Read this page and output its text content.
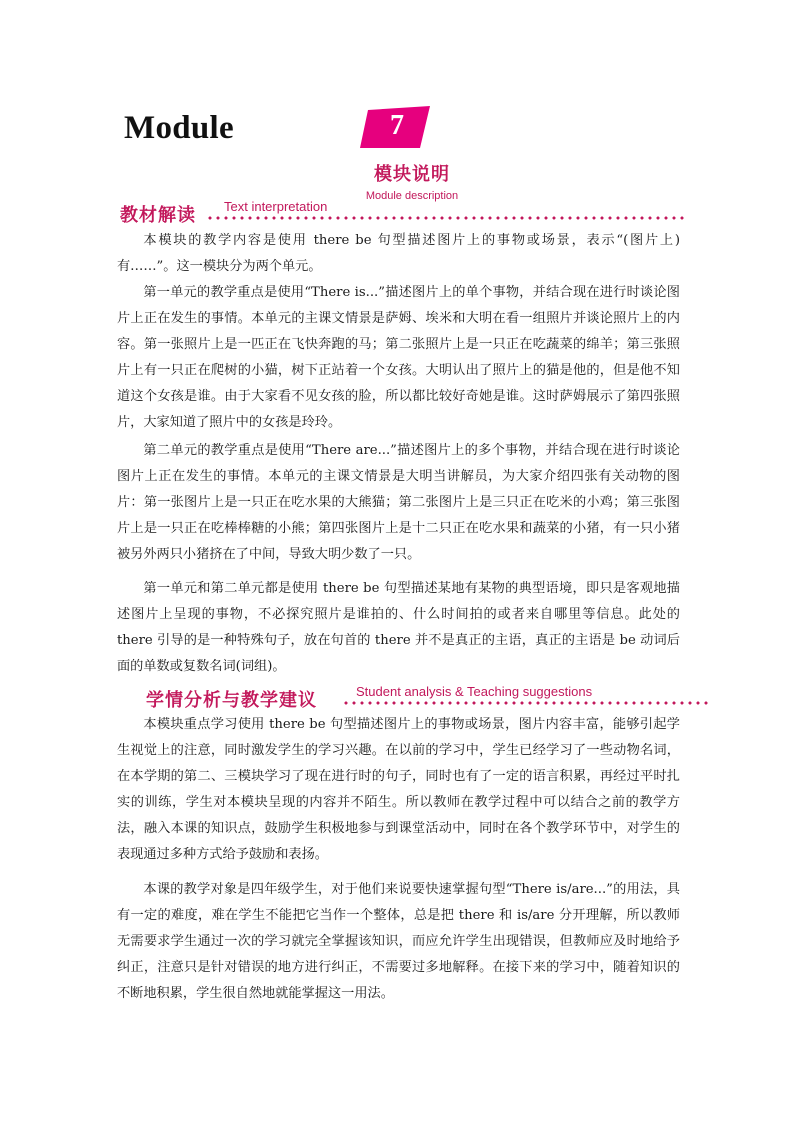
Module	7
模块说明
Module description
教材解读 Text interpretation

本模块的教学内容是使用 there be 句型描述图片上的事物或场景，表示“(图片上)有……”。这一模块分为两个单元。

第一单元的教学重点是使用“There is...”描述图片上的单个事物，并结合现在进行时谈论图片上正在发生的事情。本单元的主课文情景是萨姆、埃米和大明在看一组照片并谈论照片上的内容。第一张照片上是一匹正在飞快奔跑的马；第二张照片上是一只正在吃蔬菜的绵羊；第三张照片上有一只正在爬树的小猫，树下正站着一个女孩。大明认出了照片上的猫是他的，但是他不知道这个女孩是谁。由于大家看不见女孩的脸，所以都比较好奇她是谁。这时萨姆展示了第四张照片，大家知道了照片中的女孩是玲玲。

第二单元的教学重点是使用“There are...”描述图片上的多个事物，并结合现在进行时谈论图片上正在发生的事情。本单元的主课文情景是大明当讲解员，为大家介绍四张有关动物的图片：第一张图片上是一只正在吃水果的大熊猫；第二张图片上是三只正在吃米的小鸡；第三张图片上是一只正在吃棒棒糖的小熊；第四张图片上是十二只正在吃水果和蔬菜的小猪，有一只小猪被另外两只小猪挤在了中间，导致大明少数了一只。

第一单元和第二单元都是使用 there be 句型描述某地有某物的典型语境，即只是客观地描述图片上呈现的事物，不必探究照片是谁拍的、什么时间拍的或者来自哪里等信息。此处的 there 引导的是一种特殊句子，放在句首的 there 并不是真正的主语，真正的主语是 be 动词后面的单数或复数名词(词组)。

学情分析与教学建议	Student analysis & Teaching suggestions

本模块重点学习使用 there be 句型描述图片上的事物或场景，图片内容丰富，能够引起学生视觉上的注意，同时激发学生的学习兴趣。在以前的学习中，学生已经学习了一些动物名词，在本学期的第二、三模块学习了现在进行时的句子，同时也有了一定的语言积累，再经过平时扎实的训练，学生对本模块呈现的内容并不陌生。所以教师在教学过程中可以结合之前的教学方法，融入本课的知识点，鼓励学生积极地参与到课堂活动中，同时在各个教学环节中，对学生的表现通过多种方式给予鼓励和表扬。

本课的教学对象是四年级学生，对于他们来说要快速掌握句型“There is/are...”的用法，具有一定的难度，难在学生不能把它当作一个整体，总是把 there 和 is/are 分开理解，所以教师无需要求学生通过一次的学习就完全掌握该知识，而应允许学生出现错误，但教师应及时地给予纠正，注意只是针对错误的地方进行纠正，不需要过多地解释。在接下来的学习中，随着知识的不断地积累，学生很自然地就能掌握这一用法。
